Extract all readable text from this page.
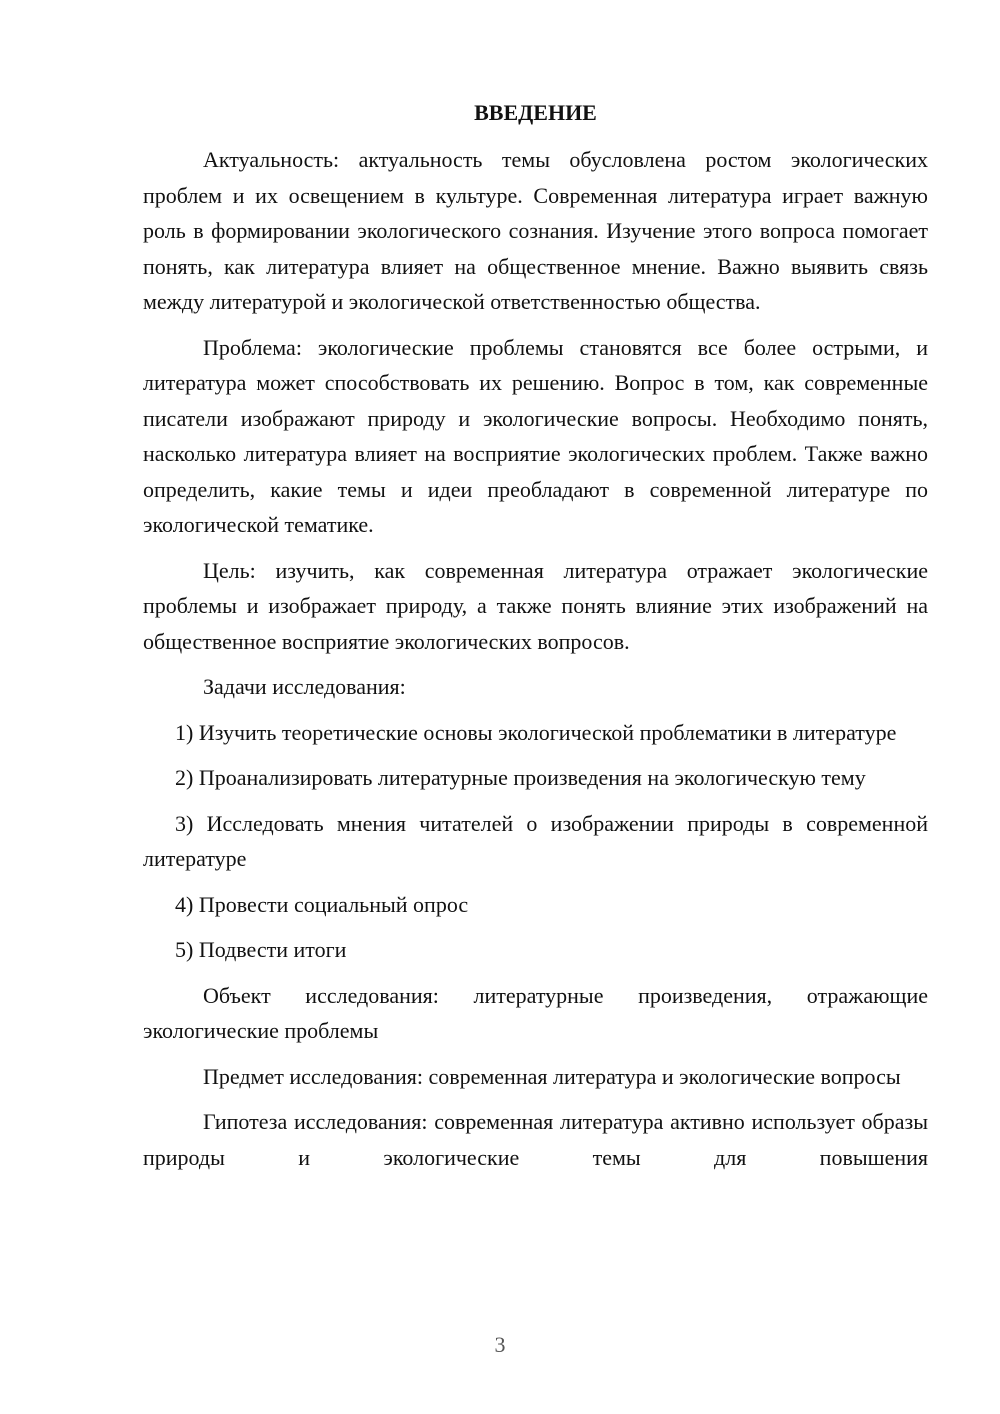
ВВЕДЕНИЕ

Актуальность: актуальность темы обусловлена ростом экологических проблем и их освещением в культуре. Современная литература играет важную роль в формировании экологического сознания. Изучение этого вопроса помогает понять, как литература влияет на общественное мнение. Важно выявить связь между литературой и экологической ответственностью общества.

Проблема: экологические проблемы становятся все более острыми, и литература может способствовать их решению. Вопрос в том, как современные писатели изображают природу и экологические вопросы. Необходимо понять, насколько литература влияет на восприятие экологических проблем. Также важно определить, какие темы и идеи преобладают в современной литературе по экологической тематике.

Цель: изучить, как современная литература отражает экологические проблемы и изображает природу, а также понять влияние этих изображений на общественное восприятие экологических вопросов.

Задачи исследования:

1) Изучить теоретические основы экологической проблематики в литературе

2) Проанализировать литературные произведения на экологическую тему

3) Исследовать мнения читателей о изображении природы в современной литературе

4) Провести социальный опрос

5) Подвести итоги

Объект исследования: литературные произведения, отражающие экологические проблемы

Предмет исследования: современная литература и экологические вопросы

Гипотеза исследования: современная литература активно использует образы природы и экологические темы для повышения

3
